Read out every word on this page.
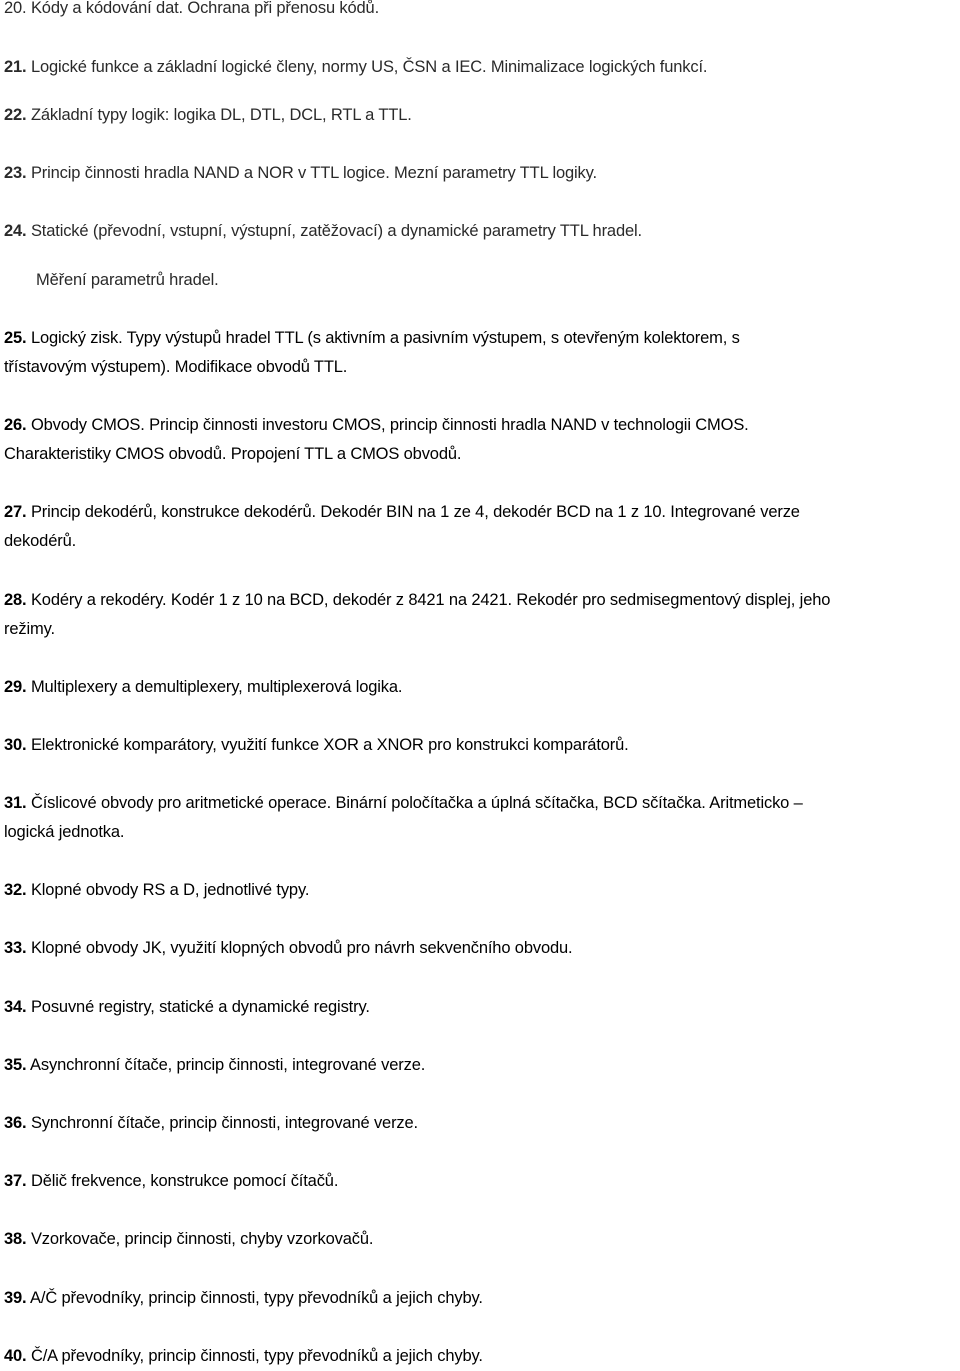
20. Kódy a kódování dat. Ochrana při přenosu kódů.
21. Logické funkce a základní logické členy, normy US, ČSN a IEC. Minimalizace logických funkcí.
22. Základní typy logik: logika DL, DTL, DCL, RTL a TTL.
23. Princip činnosti hradla NAND a NOR v TTL logice. Mezní parametry TTL logiky.
24. Statické (převodní, vstupní, výstupní, zatěžovací) a dynamické parametry TTL hradel.
Měření parametrů hradel.
25. Logický zisk. Typy výstupů hradel TTL (s aktivním a pasivním výstupem, s otevřeným kolektorem, s
třístavovým výstupem). Modifikace obvodů TTL.
26. Obvody CMOS. Princip činnosti investoru CMOS, princip činnosti hradla NAND v technologii CMOS.
Charakteristiky CMOS obvodů. Propojení TTL a CMOS obvodů.
27. Princip dekodérů, konstrukce dekodérů. Dekodér BIN na 1 ze 4, dekodér BCD na 1 z 10. Integrované verze
dekodérů.
28. Kodéry a rekodéry. Kodér 1 z 10 na BCD, dekodér z 8421 na 2421. Rekodér pro sedmisegmentový displej, jeho
režimy.
29. Multiplexery a demultiplexery, multiplexerová logika.
30. Elektronické komparátory, využití funkce XOR a XNOR pro konstrukci komparátorů.
31. Číslicové obvody pro aritmetické operace. Binární poločítačka a úplná sčítačka, BCD sčítačka. Aritmeticko –
logická jednotka.
32. Klopné obvody RS a D, jednotlivé typy.
33. Klopné obvody JK, využití klopných obvodů pro návrh sekvenčního obvodu.
34. Posuvné registry, statické a dynamické registry.
35. Asynchronní čítače, princip činnosti, integrované verze.
36. Synchronní čítače, princip činnosti, integrované verze.
37. Dělič frekvence, konstrukce pomocí čítačů.
38. Vzorkovače, princip činnosti, chyby vzorkovačů.
39. A/Č převodníky, princip činnosti, typy převodníků a jejich chyby.
40. Č/A převodníky, princip činnosti, typy převodníků a jejich chyby.
